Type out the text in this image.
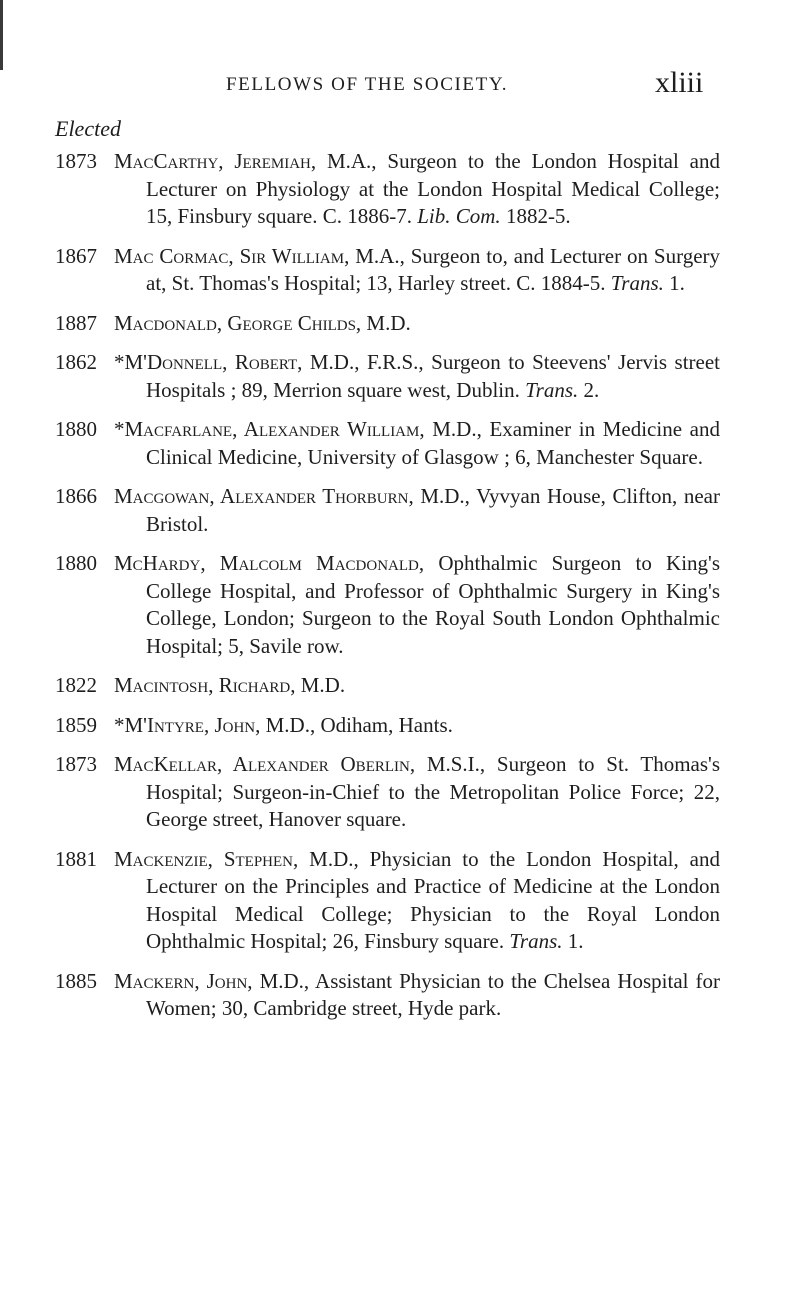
FELLOWS OF THE SOCIETY.	xliii
Elected
1873 MacCarthy, Jeremiah, M.A., Surgeon to the London Hospital and Lecturer on Physiology at the London Hospital Medical College; 15, Finsbury square. C. 1886-7. Lib. Com. 1882-5.
1867 Mac Cormac, Sir William, M.A., Surgeon to, and Lecturer on Surgery at, St. Thomas's Hospital; 13, Harley street. C. 1884-5. Trans. 1.
1887 Macdonald, George Childs, M.D.
1862 *M'Donnell, Robert, M.D., F.R.S., Surgeon to Steevens' Jervis street Hospitals ; 89, Merrion square west, Dublin. Trans. 2.
1880 *Macfarlane, Alexander William, M.D., Examiner in Medicine and Clinical Medicine, University of Glasgow ; 6, Manchester Square.
1866 Macgowan, Alexander Thorburn, M.D., Vyvyan House, Clifton, near Bristol.
1880 McHardy, Malcolm Macdonald, Ophthalmic Surgeon to King's College Hospital, and Professor of Ophthalmic Surgery in King's College, London; Surgeon to the Royal South London Ophthalmic Hospital; 5, Savile row.
1822 Macintosh, Richard, M.D.
1859 *M'Intyre, John, M.D., Odiham, Hants.
1873 MacKellar, Alexander Oberlin, M.S.I., Surgeon to St. Thomas's Hospital; Surgeon-in-Chief to the Metropolitan Police Force; 22, George street, Hanover square.
1881 Mackenzie, Stephen, M.D., Physician to the London Hospital, and Lecturer on the Principles and Practice of Medicine at the London Hospital Medical College; Physician to the Royal London Ophthalmic Hospital; 26, Finsbury square. Trans. 1.
1885 Mackern, John, M.D., Assistant Physician to the Chelsea Hospital for Women; 30, Cambridge street, Hyde park.
